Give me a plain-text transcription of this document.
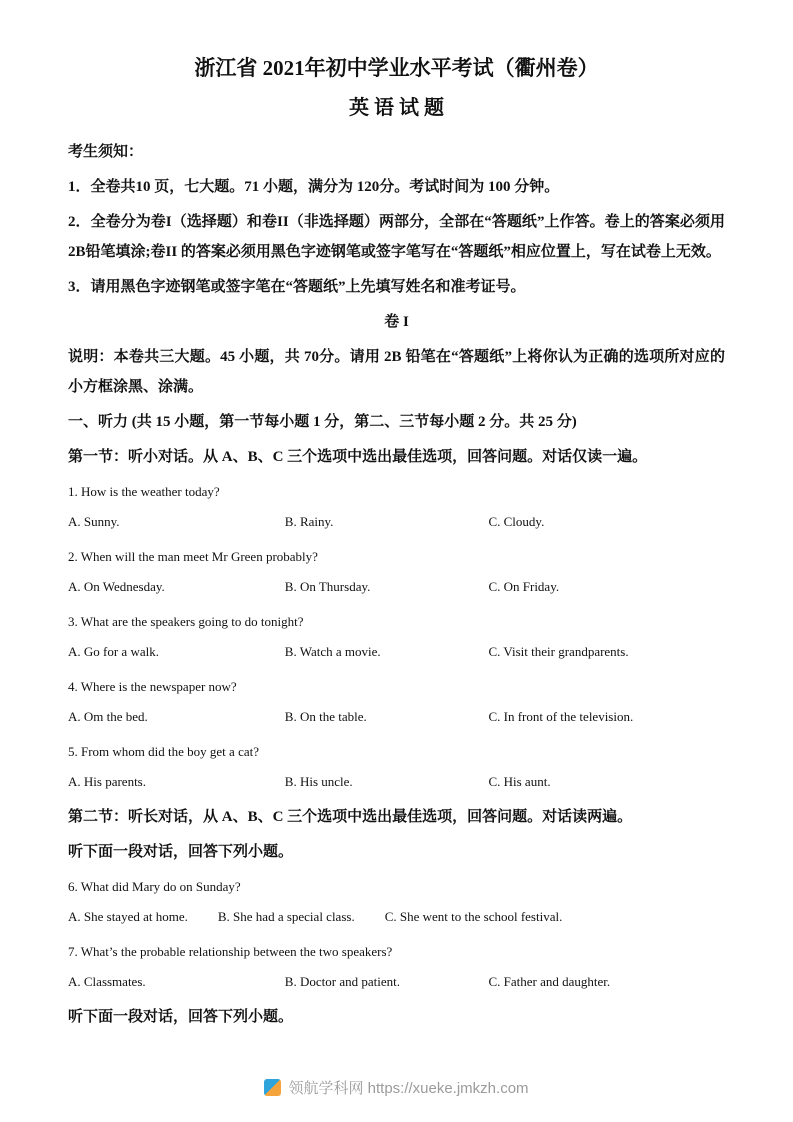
浙江省 2021年初中学业水平考试（衢州卷）
英 语 试 题

考生须知：

1．全卷共10 页，七大题。71 小题，满分为 120分。考试时间为 100 分钟。

2．全卷分为卷I（选择题）和卷II（非选择题）两部分，全部在“答题纸”上作答。卷上的答案必须用 2B铅笔填涂;卷II 的答案必须用黑色字迹钢笔或签字笔写在“答题纸”相应位置上，写在试卷上无效。

3．请用黑色字迹钢笔或签字笔在“答题纸”上先填写姓名和准考证号。

卷 I

说明：本卷共三大题。45 小题，共 70分。请用 2B 铅笔在“答题纸”上将你认为正确的选项所对应的小方框涂黑、涂满。

一、听力 (共 15 小题，第一节每小题 1 分，第二、三节每小题 2 分。共 25 分)

第一节：听小对话。从 A、B、C 三个选项中选出最佳选项，回答问题。对话仅读一遍。

1. How is the weather today?

A. Sunny.	B. Rainy.	C. Cloudy.

2. When will the man meet Mr Green probably?

A. On Wednesday.	B. On Thursday.	C. On Friday.

3. What are the speakers going to do tonight?

A. Go for a walk.	B. Watch a movie.	C. Visit their grandparents.

4. Where is the newspaper now?

A. Om the bed.	B. On the table.	C. In front of the television.

5. From whom did the boy get a cat?

A. His parents.	B. His uncle.	C. His aunt.

第二节：听长对话，从 A、B、C 三个选项中选出最佳选项，回答问题。对话读两遍。

听下面一段对话，回答下列小题。

6. What did Mary do on Sunday?

A. She stayed at home. B. She had a special class. C. She went to the school festival.

7. What’s the probable relationship between the two speakers?

A. Classmates.	B. Doctor and patient.	C. Father and daughter.

听下面一段对话，回答下列小题。

领航学科网 https://xueke.jmkzh.com
